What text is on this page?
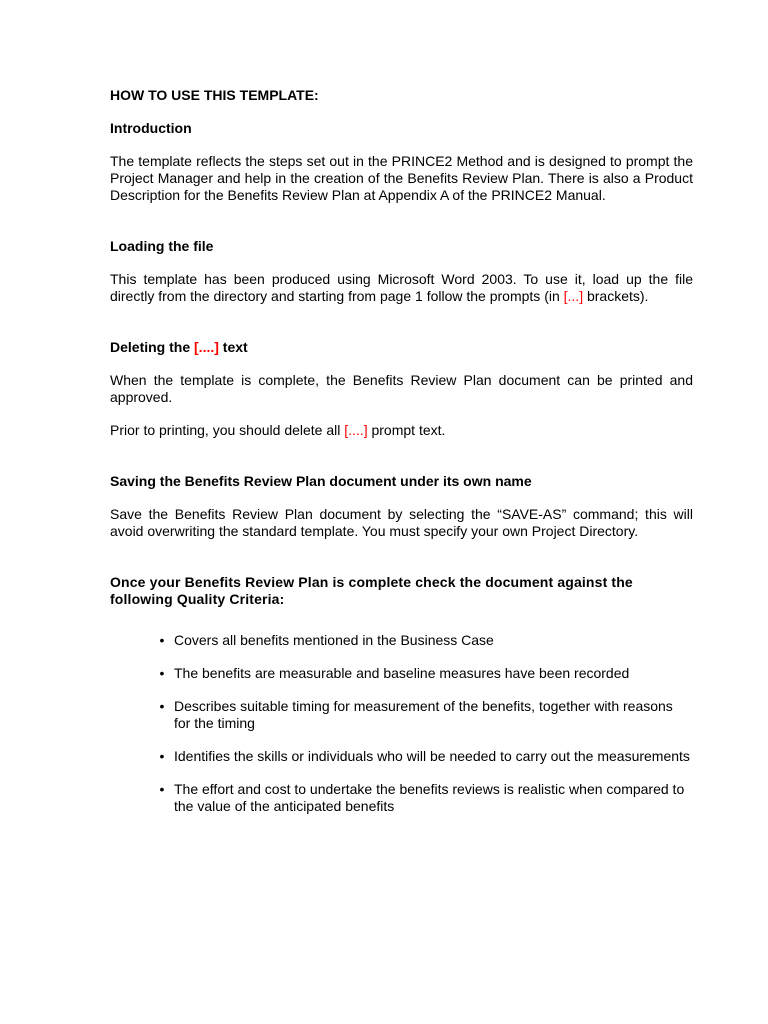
HOW TO USE THIS TEMPLATE:

Introduction

The template reflects the steps set out in the PRINCE2 Method and is designed to prompt the Project Manager and help in the creation of the Benefits Review Plan. There is also a Product Description for the Benefits Review Plan at Appendix A of the PRINCE2 Manual.

Loading the file

This template has been produced using Microsoft Word 2003. To use it, load up the file directly from the directory and starting from page 1 follow the prompts (in [...] brackets).

Deleting the [....] text

When the template is complete, the Benefits Review Plan document can be printed and approved.

Prior to printing, you should delete all [....] prompt text.

Saving the Benefits Review Plan document under its own name

Save the Benefits Review Plan document by selecting the “SAVE-AS” command; this will avoid overwriting the standard template. You must specify your own Project Directory.

Once your Benefits Review Plan is complete check the document against the following Quality Criteria:

• Covers all benefits mentioned in the Business Case
• The benefits are measurable and baseline measures have been recorded
• Describes suitable timing for measurement of the benefits, together with reasons for the timing
• Identifies the skills or individuals who will be needed to carry out the measurements
• The effort and cost to undertake the benefits reviews is realistic when compared to the value of the anticipated benefits
